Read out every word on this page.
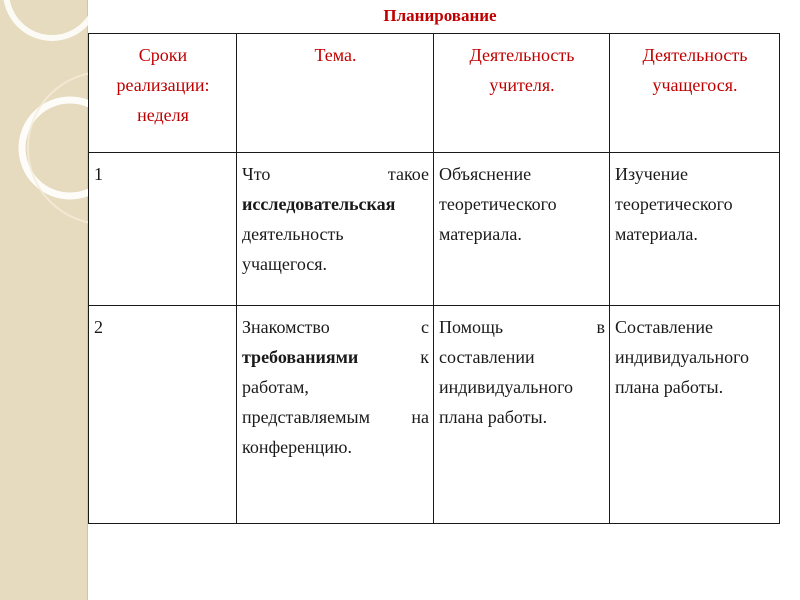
Планирование
Сроки реализации: неделя	Тема.	Деятельность учителя.	Деятельность учащегося.
1	Что такое исследовательская деятельность учащегося.	Объяснение теоретического материала.	Изучение теоретического материала.
2	Знакомство с требованиями к работам, представляемым на конференцию.	Помощь в составлении индивидуального плана работы.	Составление индивидуального плана работы.
